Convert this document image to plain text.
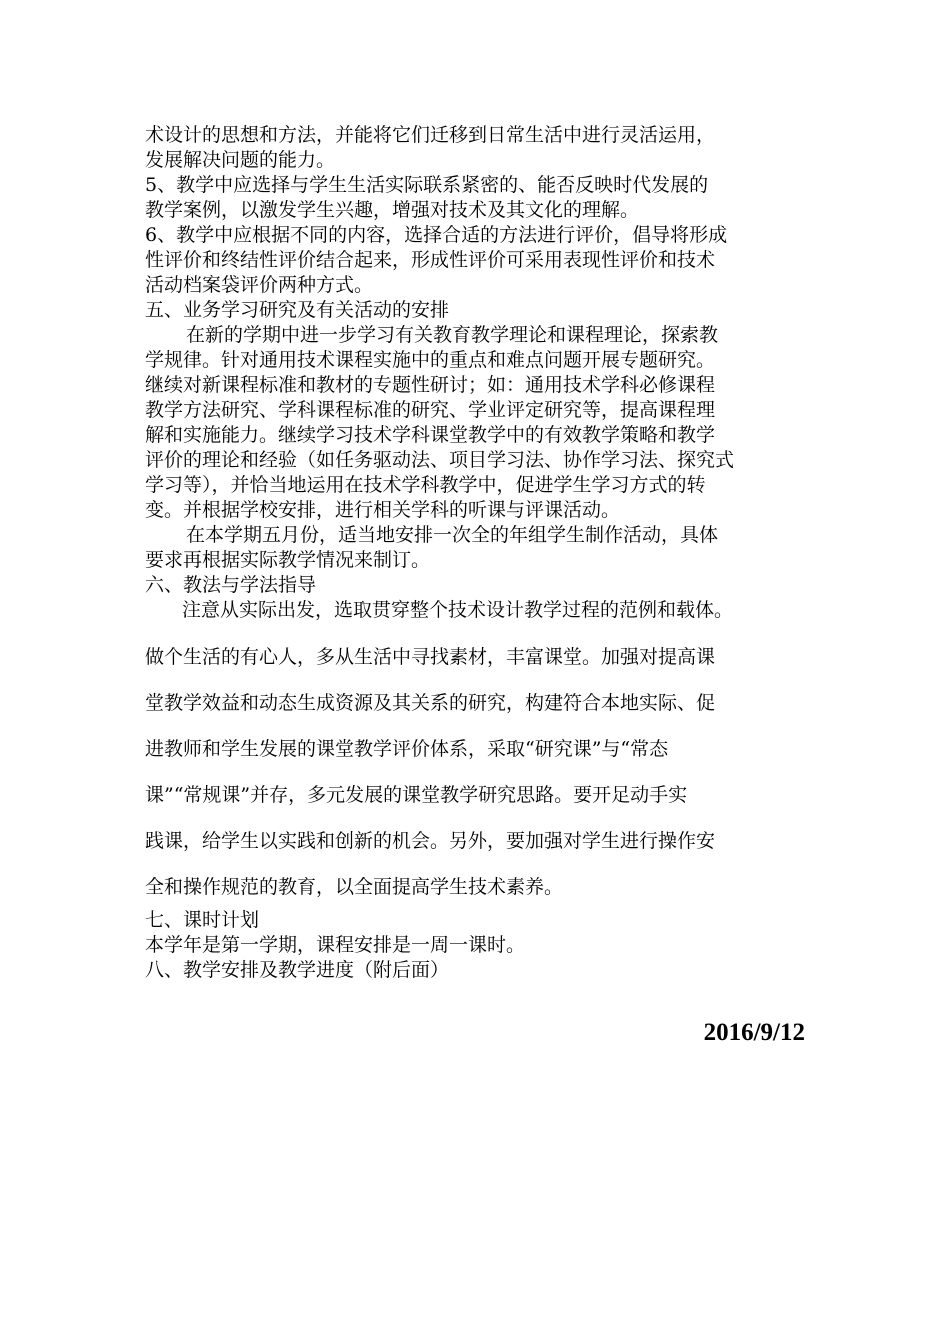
术设计的思想和方法，并能将它们迁移到日常生活中进行灵活运用，
发展解决问题的能力。
5、教学中应选择与学生生活实际联系紧密的、能否反映时代发展的
教学案例，以激发学生兴趣，增强对技术及其文化的理解。
6、教学中应根据不同的内容，选择合适的方法进行评价，倡导将形成
性评价和终结性评价结合起来，形成性评价可采用表现性评价和技术
活动档案袋评价两种方式。
五、业务学习研究及有关活动的安排
在新的学期中进一步学习有关教育教学理论和课程理论，探索教
学规律。针对通用技术课程实施中的重点和难点问题开展专题研究。
继续对新课程标准和教材的专题性研讨；如：通用技术学科必修课程
教学方法研究、学科课程标准的研究、学业评定研究等，提高课程理
解和实施能力。继续学习技术学科课堂教学中的有效教学策略和教学
评价的理论和经验（如任务驱动法、项目学习法、协作学习法、探究式
学习等），并恰当地运用在技术学科教学中，促进学生学习方式的转
变。并根据学校安排，进行相关学科的听课与评课活动。
在本学期五月份，适当地安排一次全的年组学生制作活动，具体
要求再根据实际教学情况来制订。
六、教法与学法指导
注意从实际出发，选取贯穿整个技术设计教学过程的范例和载体。
做个生活的有心人，多从生活中寻找素材，丰富课堂。加强对提高课
堂教学效益和动态生成资源及其关系的研究，构建符合本地实际、促
进教师和学生发展的课堂教学评价体系，采取“研究课”与“常态
课”“常规课”并存，多元发展的课堂教学研究思路。要开足动手实
践课，给学生以实践和创新的机会。另外，要加强对学生进行操作安
全和操作规范的教育，以全面提高学生技术素养。
七、课时计划
本学年是第一学期，课程安排是一周一课时。
八、教学安排及教学进度（附后面）
2016/9/12
